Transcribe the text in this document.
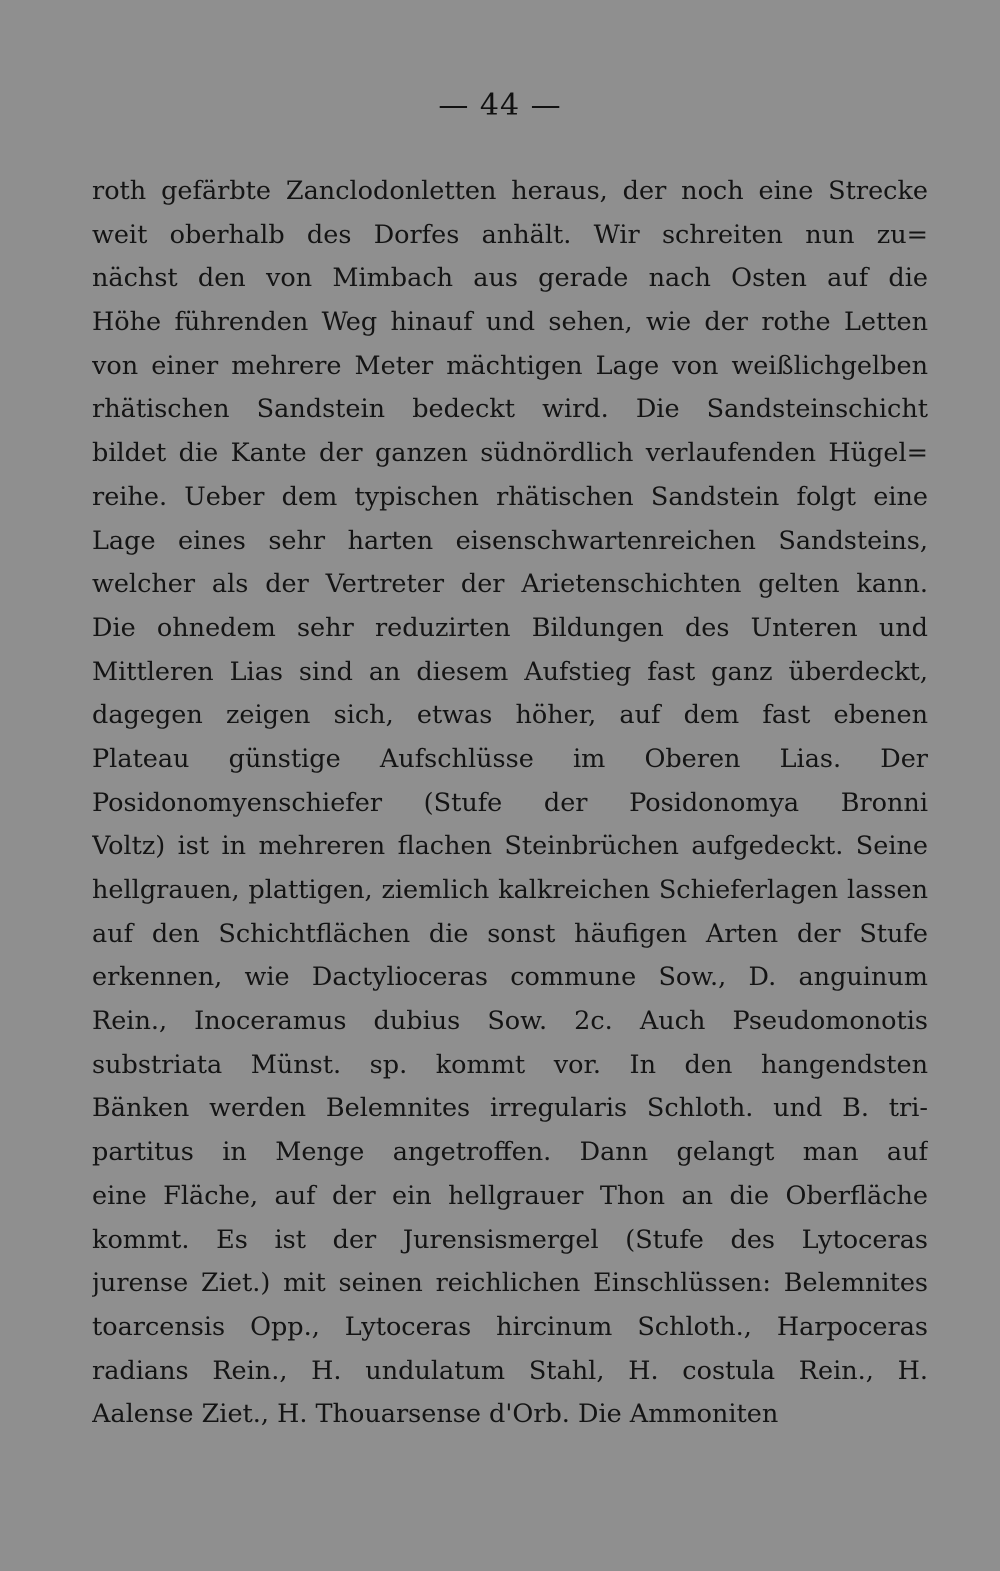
— 44 —
roth gefärbte Zanclodonletten heraus, der noch eine Strecke
weit oberhalb des Dorfes anhält. Wir schreiten nun zu=
nächst den von Mimbach aus gerade nach Osten auf die
Höhe führenden Weg hinauf und sehen, wie der rothe Letten
von einer mehrere Meter mächtigen Lage von weißlichgelben
rhätischen Sandstein bedeckt wird. Die Sandsteinschicht
bildet die Kante der ganzen südnördlich verlaufenden Hügel=
reihe. Ueber dem typischen rhätischen Sandstein folgt eine
Lage eines sehr harten eisenschwartenreichen Sandsteins,
welcher als der Vertreter der Arietenschichten gelten kann.
Die ohnedem sehr reduzirten Bildungen des Unteren und
Mittleren Lias sind an diesem Aufstieg fast ganz überdeckt,
dagegen zeigen sich, etwas höher, auf dem fast ebenen
Plateau günstige Aufschlüsse im Oberen Lias. Der
Posidonomyenschiefer (Stufe der Posidonomya Bronni
Voltz) ist in mehreren flachen Steinbrüchen aufgedeckt. Seine
hellgrauen, plattigen, ziemlich kalkreichen Schieferlagen lassen
auf den Schichtflächen die sonst häufigen Arten der Stufe
erkennen, wie Dactylioceras commune Sow., D. anguinum
Rein., Inoceramus dubius Sow. 2c. Auch Pseudomonotis
substriata Münst. sp. kommt vor. In den hangendsten
Bänken werden Belemnites irregularis Schloth. und B. tri-
partitus in Menge angetroffen. Dann gelangt man auf
eine Fläche, auf der ein hellgrauer Thon an die Oberfläche
kommt. Es ist der Jurensismergel (Stufe des Lytoceras
jurense Ziet.) mit seinen reichlichen Einschlüssen: Belemnites
toarcensis Opp., Lytoceras hircinum Schloth., Harpoceras
radians Rein., H. undulatum Stahl, H. costula Rein., H.
Aalense Ziet., H. Thouarsense d'Orb. Die Ammoniten
